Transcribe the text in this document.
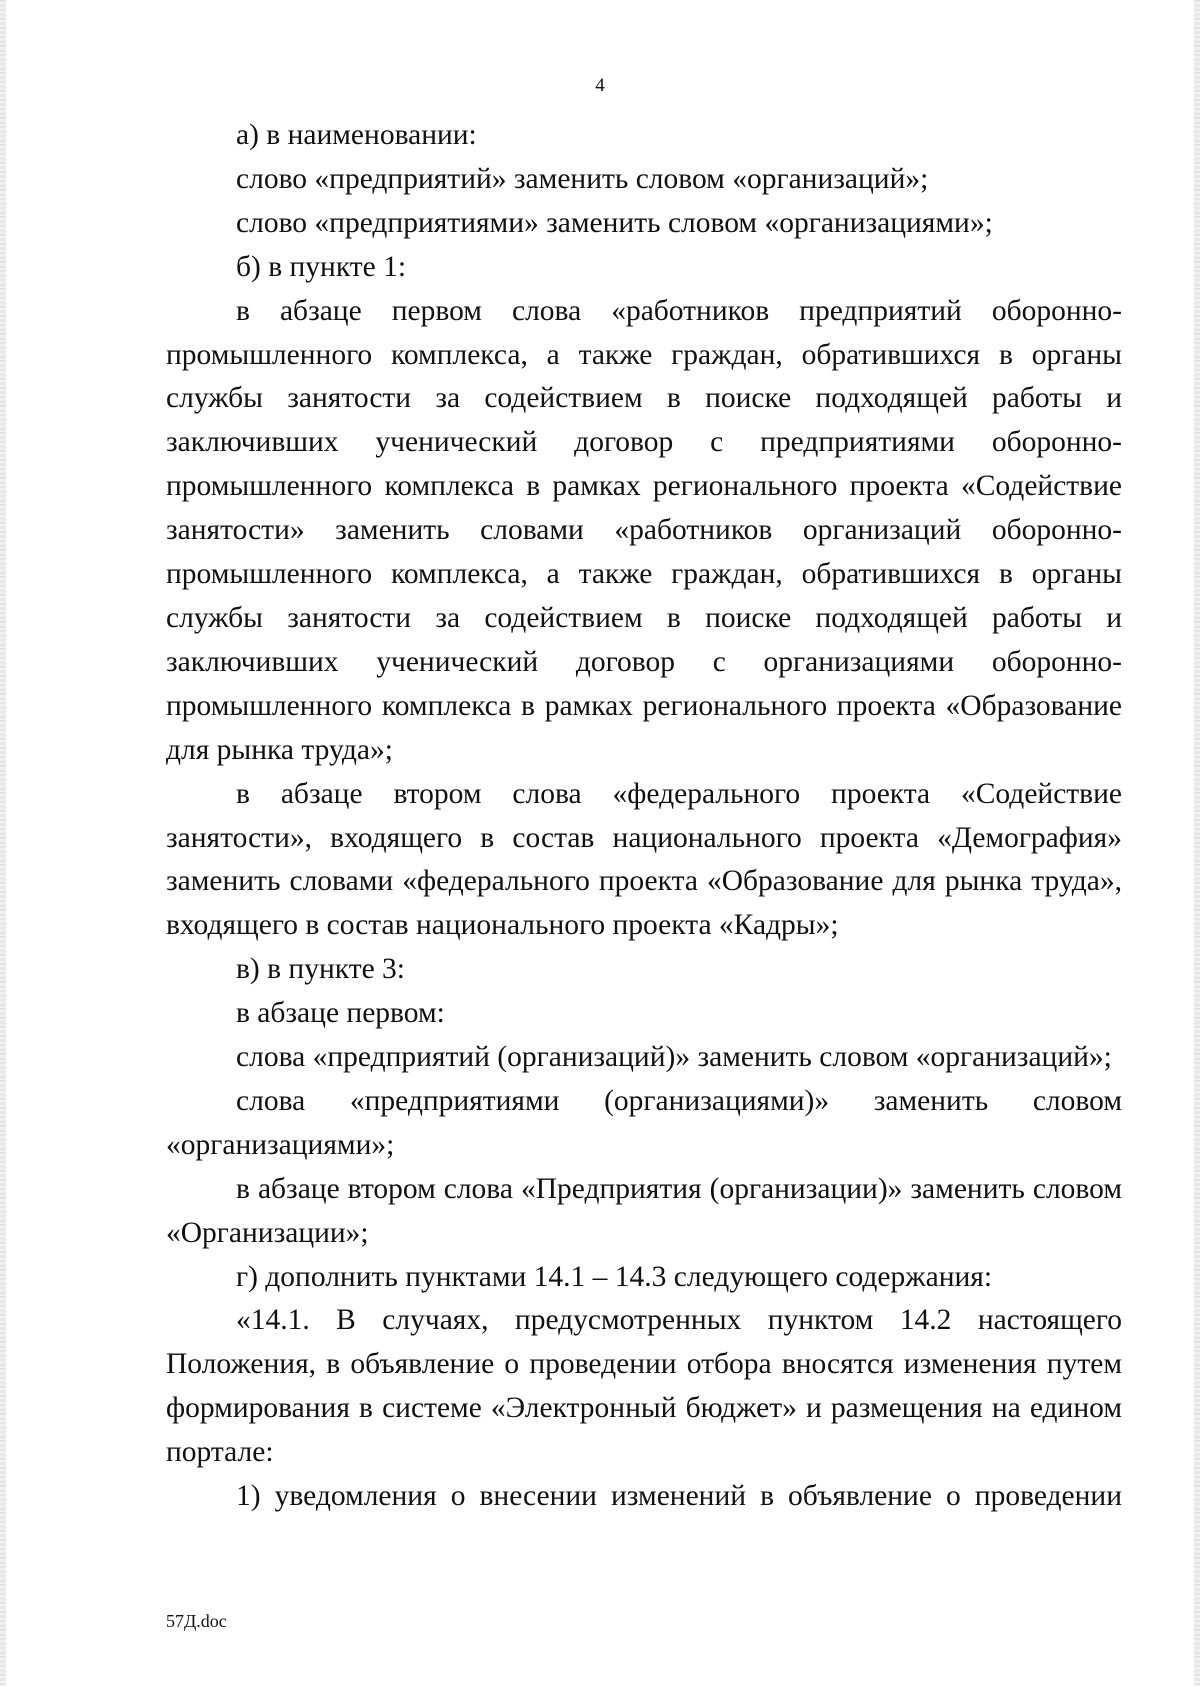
4

а) в наименовании:

слово «предприятий» заменить словом «организаций»;

слово «предприятиями» заменить словом «организациями»;

б) в пункте 1:

в абзаце первом слова «работников предприятий оборонно-промышленного комплекса, а также граждан, обратившихся в органы службы занятости за содействием в поиске подходящей работы и заключивших ученический договор с предприятиями оборонно-промышленного комплекса в рамках регионального проекта «Содействие занятости» заменить словами «работников организаций оборонно-промышленного комплекса, а также граждан, обратившихся в органы службы занятости за содействием в поиске подходящей работы и заключивших ученический договор с организациями оборонно-промышленного комплекса в рамках регионального проекта «Образование для рынка труда»;

в абзаце втором слова «федерального проекта «Содействие занятости», входящего в состав национального проекта «Демография» заменить словами «федерального проекта «Образование для рынка труда», входящего в состав национального проекта «Кадры»;

в) в пункте 3:

в абзаце первом:

слова «предприятий (организаций)» заменить словом «организаций»;

слова «предприятиями (организациями)» заменить словом «организациями»;

в абзаце втором слова «Предприятия (организации)» заменить словом «Организации»;

г) дополнить пунктами 14.1 – 14.3 следующего содержания:

«14.1. В случаях, предусмотренных пунктом 14.2 настоящего Положения, в объявление о проведении отбора вносятся изменения путем формирования в системе «Электронный бюджет» и размещения на едином портале:

1) уведомления о внесении изменений в объявление о проведении

57Д.doc
